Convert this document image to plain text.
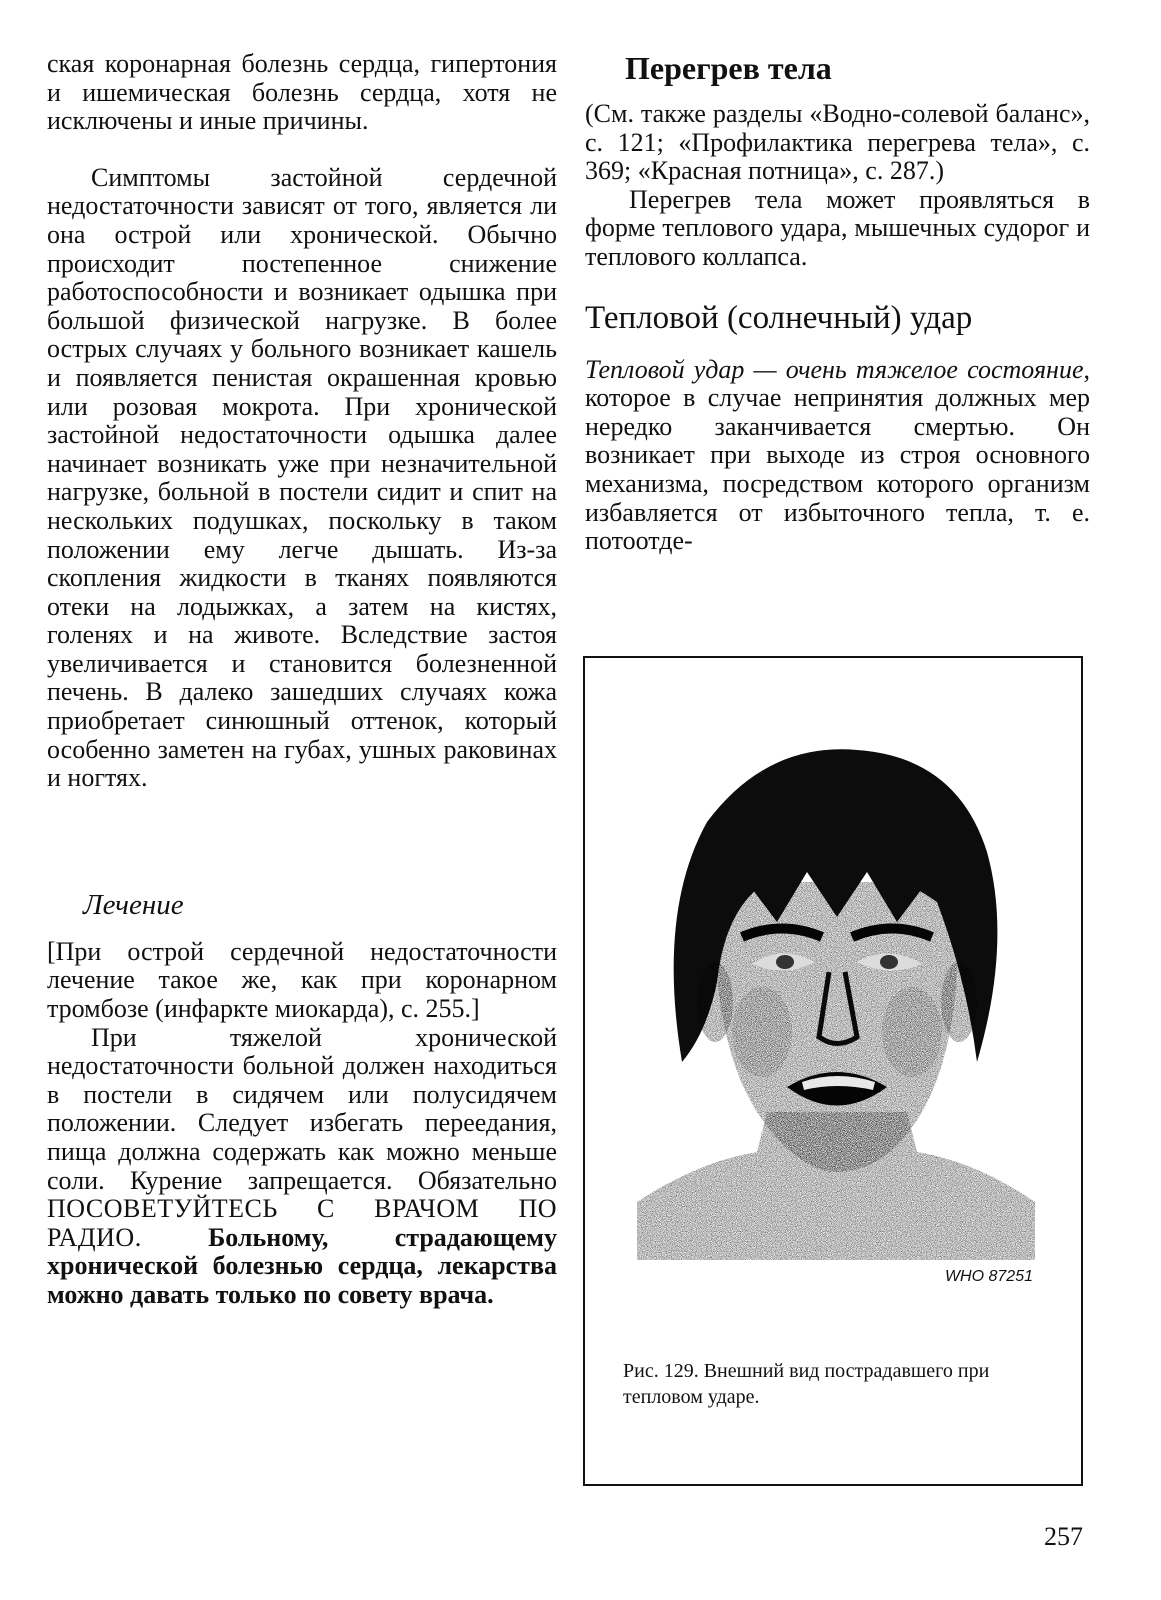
ская коронарная болезнь сердца, гипертония и ишемическая болезнь сердца, хотя не исключены и иные причины.

Симптомы застойной сердечной недостаточности зависят от того, является ли она острой или хронической. Обычно происходит постепенное снижение работоспособности и возникает одышка при большой физической нагрузке. В более острых случаях у больного возникает кашель и появляется пенистая окрашенная кровью или розовая мокрота. При хронической застойной недостаточности одышка далее начинает возникать уже при незначительной нагрузке, больной в постели сидит и спит на нескольких подушках, поскольку в таком положении ему легче дышать. Из-за скопления жидкости в тканях появляются отеки на лодыжках, а затем на кистях, голенях и на животе. Вследствие застоя увеличивается и становится болезненной печень. В далеко зашедших случаях кожа приобретает синюшный оттенок, который особенно заметен на губах, ушных раковинах и ногтях.

Лечение

[При острой сердечной недостаточности лечение такое же, как при коронарном тромбозе (инфаркте миокарда), с. 255.]

При тяжелой хронической недостаточности больной должен находиться в постели в сидячем или полусидячем положении. Следует избегать переедания, пища должна содержать как можно меньше соли. Курение запрещается. Обязательно ПОСОВЕТУЙТЕСЬ С ВРАЧОМ ПО РАДИО.	Больному, страдающему хронической болезнью сердца, лекарства можно давать только по совету врача.

Перегрев тела

(См. также разделы «Водно-солевой баланс», с. 121; «Профилактика перегрева тела», с. 369; «Красная потница», с. 287.)

Перегрев тела может проявляться в форме теплового удара, мышечных судорог и теплового коллапса.

Тепловой (солнечный) удар

Тепловой удар — очень тяжелое состояние, которое в случае непринятия должных мер нередко заканчивается смертью. Он возникает при выходе из строя основного механизма, посредством которого организм избавляется от избыточного тепла, т. е. потоотде-

WHO 87251
Рис. 129. Внешний вид пострадавшего при тепловом ударе.
257
